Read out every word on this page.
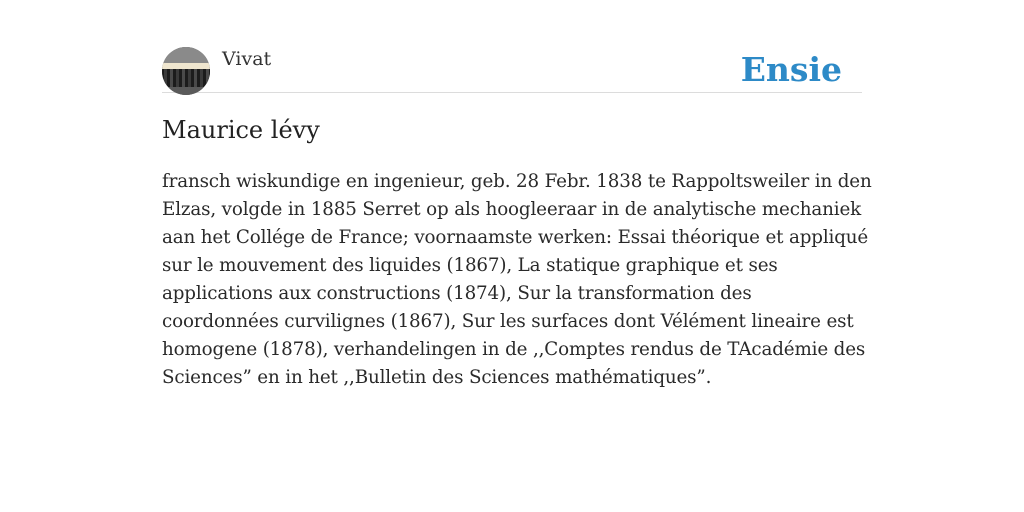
Vivat	Ensie
Maurice lévy

fransch wiskundige en ingenieur, geb. 28 Febr. 1838 te Rappoltsweiler in den Elzas, volgde in 1885 Serret op als hoogleeraar in de analytische mechaniek aan het Collége de France; voornaamste werken: Essai théorique et appliqué sur le mouvement des liquides (1867), La statique graphique et ses applications aux constructions (1874), Sur la transformation des coordonnées curvilignes (1867), Sur les surfaces dont Vélément lineaire est homogene (1878), verhandelingen in de ,,Comptes rendus de TAcadémie des Sciences” en in het ,,Bulletin des Sciences mathématiques”.
